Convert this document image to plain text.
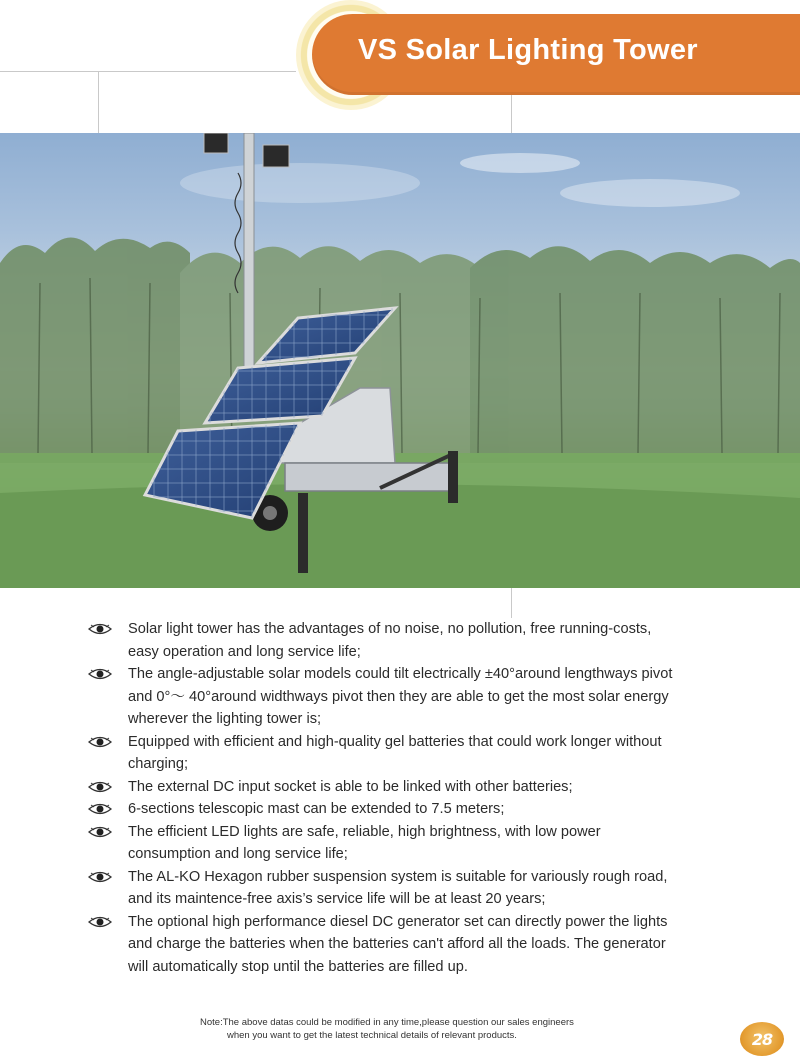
VS Solar Lighting Tower
Solar light tower has the advantages of no noise, no pollution, free running-costs,
easy operation and long service life;
The angle-adjustable solar models could tilt electrically ±40°around lengthways pivot
and 0°～ 40°around widthways pivot then they are able to get the most solar energy
wherever the lighting tower is;
Equipped with efficient and high-quality gel batteries that could work longer without
charging;
The external DC input socket is able to be linked with other batteries;
6-sections telescopic mast can be extended to 7.5 meters;
The efficient LED lights are safe, reliable, high brightness, with low power
consumption and long service life;
The AL-KO Hexagon rubber suspension system is suitable for variously rough road,
and its maintence-free axis’s service life will be at least 20 years;
The optional high performance diesel DC generator set can directly power the lights
and charge the batteries when the batteries can't afford all the loads. The generator
will automatically stop until the batteries are filled up.
Note:The above datas could be modified in any time,please question our sales engineers
when you want to get the latest technical details of relevant products.	28
